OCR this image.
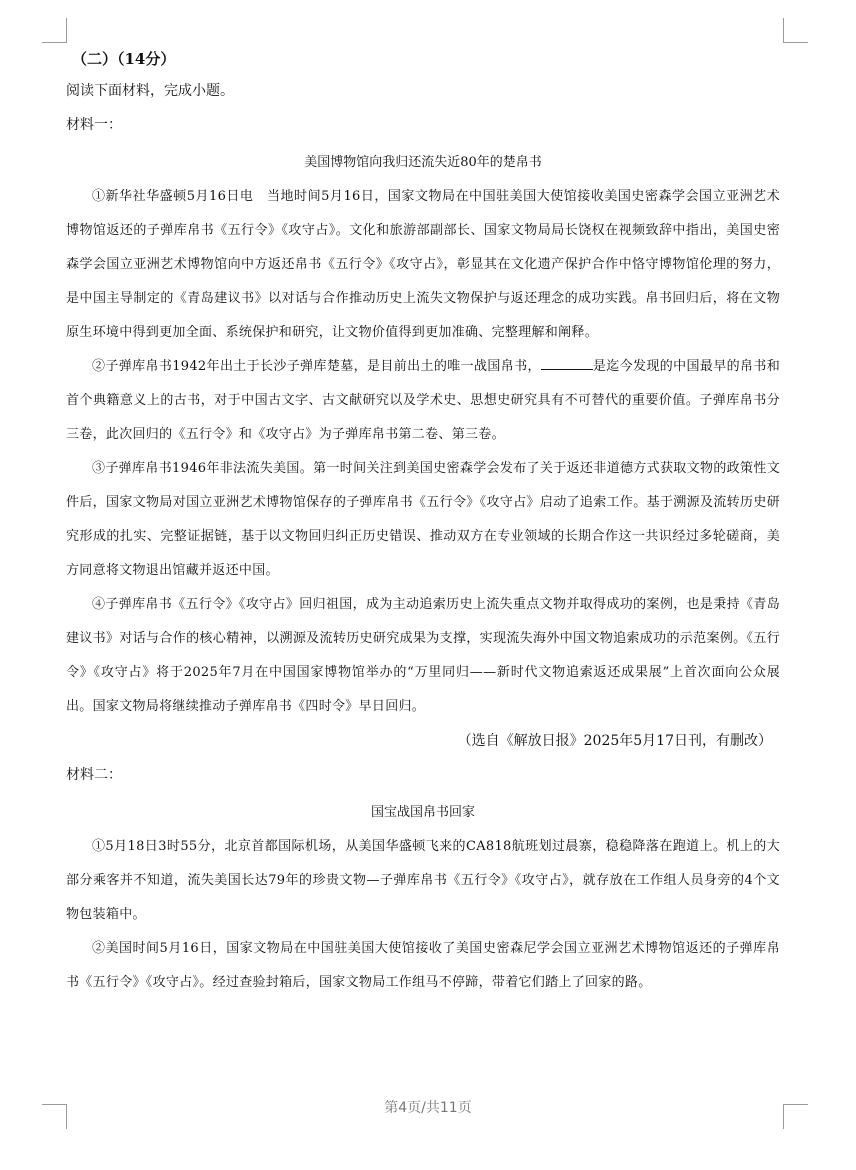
（二）（14分）
阅读下面材料，完成小题。
材料一：
美国博物馆向我归还流失近80年的楚帛书

①新华社华盛顿5月16日电　当地时间5月16日，国家文物局在中国驻美国大使馆接收美国史密森学会国立亚洲艺术博物馆返还的子弹库帛书《五行令》《攻守占》。文化和旅游部副部长、国家文物局局长饶权在视频致辞中指出，美国史密森学会国立亚洲艺术博物馆向中方返还帛书《五行令》《攻守占》，彰显其在文化遗产保护合作中恪守博物馆伦理的努力，是中国主导制定的《青岛建议书》以对话与合作推动历史上流失文物保护与返还理念的成功实践。帛书回归后，将在文物原生环境中得到更加全面、系统保护和研究，让文物价值得到更加准确、完整理解和阐释。

②子弹库帛书1942年出土于长沙子弹库楚墓，是目前出土的唯一战国帛书，	是迄今发现的中国最早的帛书和首个典籍意义上的古书，对于中国古文字、古文献研究以及学术史、思想史研究具有不可替代的重要价值。子弹库帛书分三卷，此次回归的《五行令》和《攻守占》为子弹库帛书第二卷、第三卷。

③子弹库帛书1946年非法流失美国。第一时间关注到美国史密森学会发布了关于返还非道德方式获取文物的政策性文件后，国家文物局对国立亚洲艺术博物馆保存的子弹库帛书《五行令》《攻守占》启动了追索工作。基于溯源及流转历史研究形成的扎实、完整证据链，基于以文物回归纠正历史错误、推动双方在专业领域的长期合作这一共识经过多轮磋商，美方同意将文物退出馆藏并返还中国。

④子弹库帛书《五行令》《攻守占》回归祖国，成为主动追索历史上流失重点文物并取得成功的案例，也是秉持《青岛建议书》对话与合作的核心精神，以溯源及流转历史研究成果为支撑，实现流失海外中国文物追索成功的示范案例。《五行令》《攻守占》将于2025年7月在中国国家博物馆举办的“万里同归——新时代文物追索返还成果展”上首次面向公众展出。国家文物局将继续推动子弹库帛书《四时令》早日回归。

（选自《解放日报》2025年5月17日刊，有删改）
材料二：
国宝战国帛书回家

①5月18日3时55分，北京首都国际机场，从美国华盛顿飞来的CA818航班划过晨寨，稳稳降落在跑道上。机上的大部分乘客并不知道，流失美国长达79年的珍贵文物—子弹库帛书《五行令》《攻守占》，就存放在工作组人员身旁的4个文物包装箱中。

②美国时间5月16日，国家文物局在中国驻美国大使馆接收了美国史密森尼学会国立亚洲艺术博物馆返还的子弹库帛书《五行令》《攻守占》。经过查验封箱后，国家文物局工作组马不停蹄，带着它们踏上了回家的路。

第4页/共11页
